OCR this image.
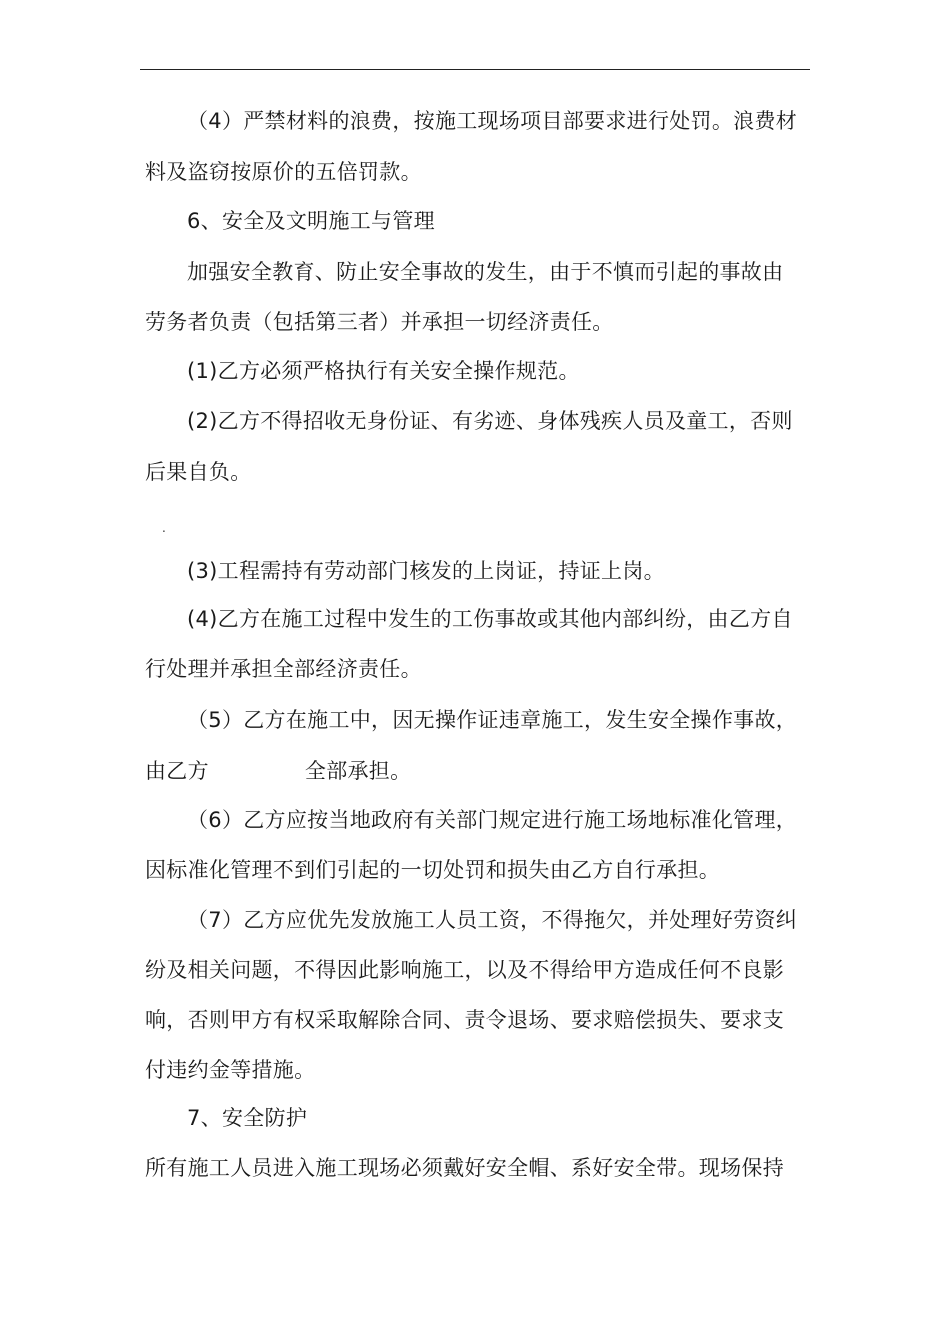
（4）严禁材料的浪费，按施工现场项目部要求进行处罚。浪费材
料及盗窃按原价的五倍罚款。
6、安全及文明施工与管理
加强安全教育、防止安全事故的发生，由于不慎而引起的事故由
劳务者负责（包括第三者）并承担一切经济责任。
(1)乙方必须严格执行有关安全操作规范。
(2)乙方不得招收无身份证、有劣迹、身体残疾人员及童工，否则
后果自负。
.
(3)工程需持有劳动部门核发的上岗证，持证上岗。
(4)乙方在施工过程中发生的工伤事故或其他内部纠纷，由乙方自
行处理并承担全部经济责任。
（5）乙方在施工中，因无操作证违章施工，发生安全操作事故，
由乙方	全部承担。
（6）乙方应按当地政府有关部门规定进行施工场地标准化管理，
因标准化管理不到们引起的一切处罚和损失由乙方自行承担。
（7）乙方应优先发放施工人员工资，不得拖欠，并处理好劳资纠
纷及相关问题，不得因此影响施工，以及不得给甲方造成任何不良影
响，否则甲方有权采取解除合同、责令退场、要求赔偿损失、要求支
付违约金等措施。
7、安全防护
所有施工人员进入施工现场必须戴好安全帽、系好安全带。现场保持
